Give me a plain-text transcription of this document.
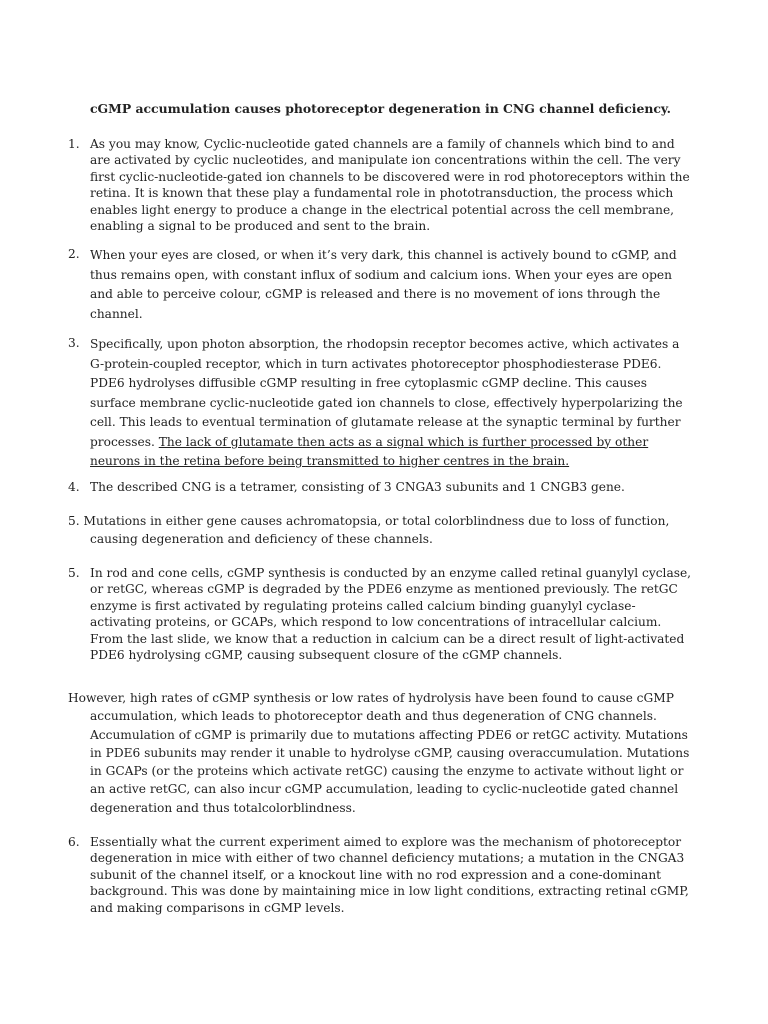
cGMP accumulation causes photoreceptor degeneration in CNG channel deficiency.
1. As you may know, Cyclic-nucleotide gated channels are a family of channels which bind to and are activated by cyclic nucleotides, and manipulate ion concentrations within the cell. The very first cyclic-nucleotide-gated ion channels to be discovered were in rod photoreceptors within the retina. It is known that these play a fundamental role in phototransduction, the process which enables light energy to produce a change in the electrical potential across the cell membrane, enabling a signal to be produced and sent to the brain.
2. When your eyes are closed, or when it’s very dark, this channel is actively bound to cGMP, and thus remains open, with constant influx of sodium and calcium ions. When your eyes are open and able to perceive colour, cGMP is released and there is no movement of ions through the channel.
3. Specifically, upon photon absorption, the rhodopsin receptor becomes active, which activates a G-protein-coupled receptor, which in turn activates photoreceptor phosphodiesterase PDE6. PDE6 hydrolyses diffusible cGMP resulting in free cytoplasmic cGMP decline. This causes surface membrane cyclic-nucleotide gated ion channels to close, effectively hyperpolarizing the cell. This leads to eventual termination of glutamate release at the synaptic terminal by further processes. The lack of glutamate then acts as a signal which is further processed by other neurons in the retina before being transmitted to higher centres in the brain.
4. The described CNG is a tetramer, consisting of 3 CNGA3 subunits and 1 CNGB3 gene.
5. Mutations in either gene causes achromatopsia, or total colorblindness due to loss of function, causing degeneration and deficiency of these channels.
5. In rod and cone cells, cGMP synthesis is conducted by an enzyme called retinal guanylyl cyclase, or retGC, whereas cGMP is degraded by the PDE6 enzyme as mentioned previously. The retGC enzyme is first activated by regulating proteins called calcium binding guanylyl cyclase-activating proteins, or GCAPs, which respond to low concentrations of intracellular calcium. From the last slide, we know that a reduction in calcium can be a direct result of light-activated PDE6 hydrolysing cGMP, causing subsequent closure of the cGMP channels.
However, high rates of cGMP synthesis or low rates of hydrolysis have been found to cause cGMP accumulation, which leads to photoreceptor death and thus degeneration of CNG channels. Accumulation of cGMP is primarily due to mutations affecting PDE6 or retGC activity. Mutations in PDE6 subunits may render it unable to hydrolyse cGMP, causing overaccumulation. Mutations in GCAPs (or the proteins which activate retGC) causing the enzyme to activate without light or an active retGC, can also incur cGMP accumulation, leading to cyclic-nucleotide gated channel degeneration and thus totalcolorblindness.
6. Essentially what the current experiment aimed to explore was the mechanism of photoreceptor degeneration in mice with either of two channel deficiency mutations; a mutation in the CNGA3 subunit of the channel itself, or a knockout line with no rod expression and a cone-dominant background. This was done by maintaining mice in low light conditions, extracting retinal cGMP, and making comparisons in cGMP levels.
